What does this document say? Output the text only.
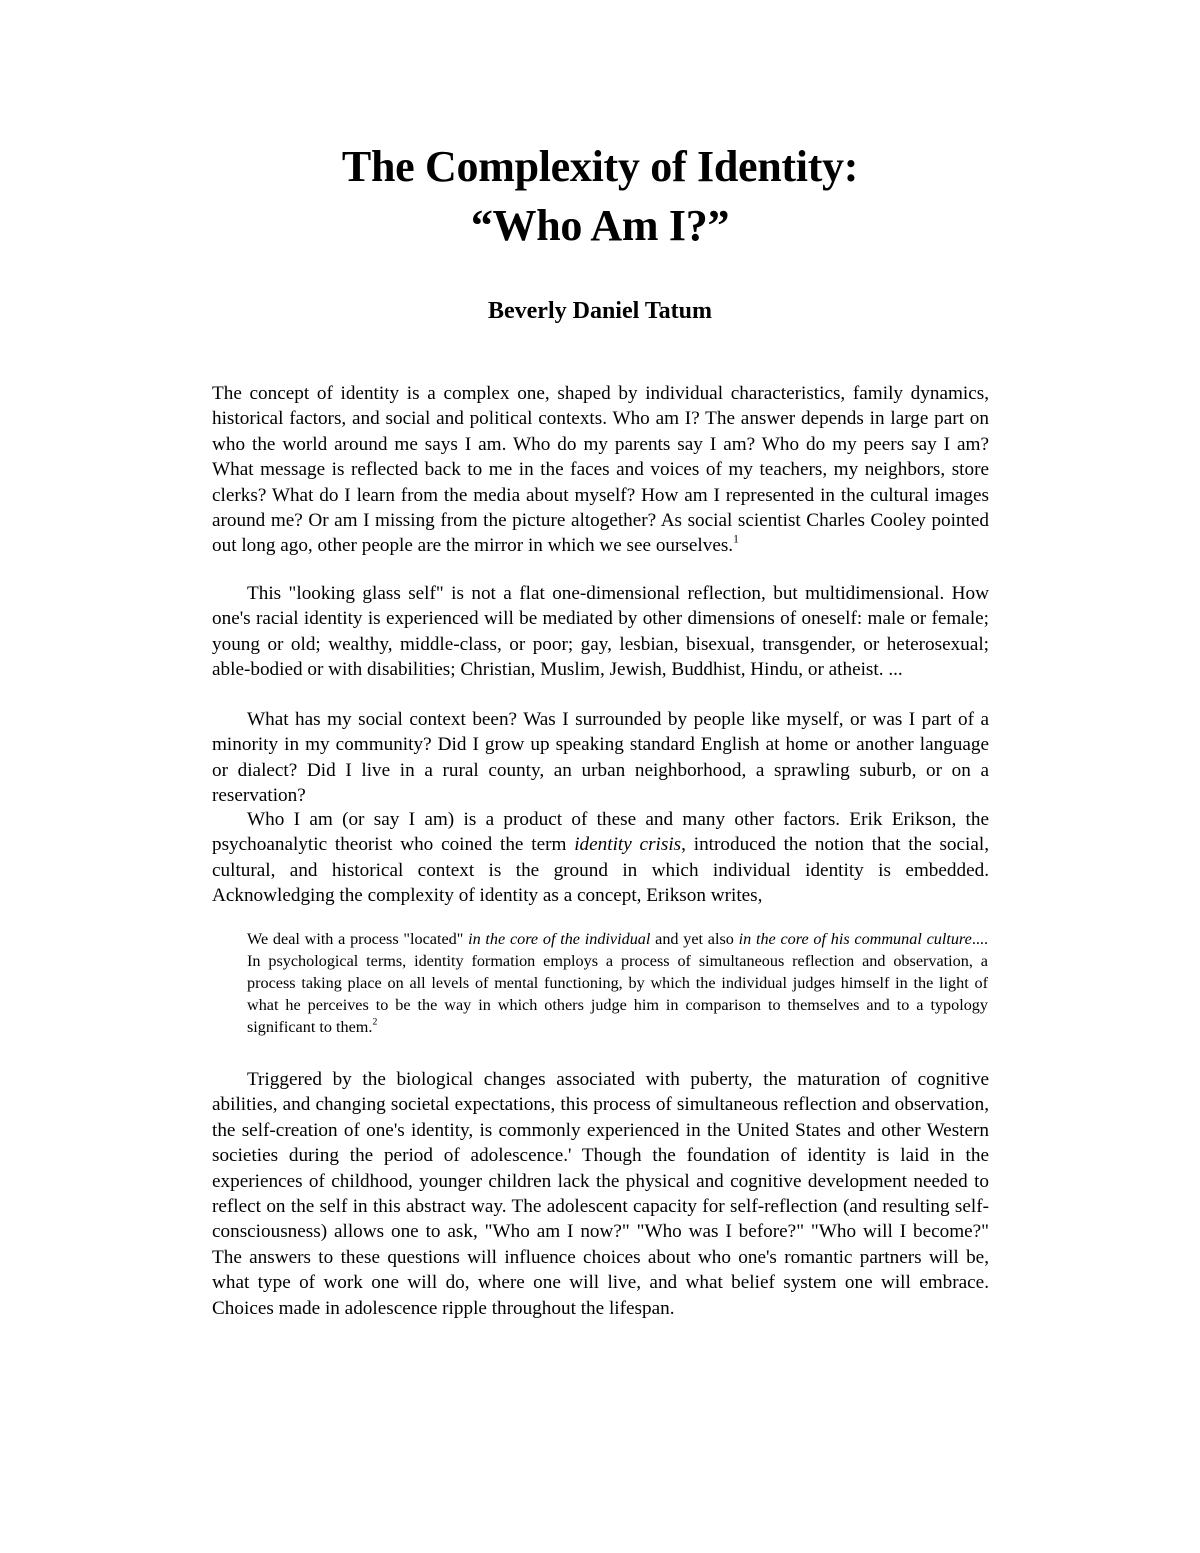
The Complexity of Identity:
“Who Am I?”
Beverly Daniel Tatum

The concept of identity is a complex one, shaped by individual characteristics, family dynamics, historical factors, and social and political contexts. Who am I? The answer depends in large part on who the world around me says I am. Who do my parents say I am? Who do my peers say I am? What message is reflected back to me in the faces and voices of my teachers, my neighbors, store clerks? What do I learn from the media about myself? How am I represented in the cultural images around me? Or am I missing from the picture altogether? As social scientist Charles Cooley pointed out long ago, other people are the mirror in which we see ourselves.$^1$

This "looking glass self" is not a flat one-dimensional reflection, but multidimensional. How one's racial identity is experienced will be mediated by other dimensions of oneself: male or female; young or old; wealthy, middle-class, or poor; gay, lesbian, bisexual, transgender, or heterosexual; able-bodied or with disabilities; Christian, Muslim, Jewish, Buddhist, Hindu, or atheist. ...

What has my social context been? Was I surrounded by people like myself, or was I part of a minority in my community? Did I grow up speaking standard English at home or another language or dialect? Did I live in a rural county, an urban neighborhood, a sprawling suburb, or on a reservation?

Who I am (or say I am) is a product of these and many other factors. Erik Erikson, the psychoanalytic theorist who coined the term identity crisis, introduced the notion that the social, cultural, and historical context is the ground in which individual identity is embedded. Acknowledging the complexity of identity as a concept, Erikson writes,

We deal with a process "located" in the core of the individual and yet also in the core of his communal culture.... In psychological terms, identity formation employs a process of simultaneous reflection and observation, a process taking place on all levels of mental functioning, by which the individual judges himself in the light of what he perceives to be the way in which others judge him in comparison to themselves and to a typology significant to them.$^2$

Triggered by the biological changes associated with puberty, the maturation of cognitive abilities, and changing societal expectations, this process of simultaneous reflection and observation, the self-creation of one's identity, is commonly experienced in the United States and other Western societies during the period of adolescence.' Though the foundation of identity is laid in the experiences of childhood, younger children lack the physical and cognitive development needed to reflect on the self in this abstract way. The adolescent capacity for self-reflection (and resulting self-consciousness) allows one to ask, "Who am I now?" "Who was I before?" "Who will I become?" The answers to these questions will influence choices about who one's romantic partners will be, what type of work one will do, where one will live, and what belief system one will embrace. Choices made in adolescence ripple throughout the lifespan.
